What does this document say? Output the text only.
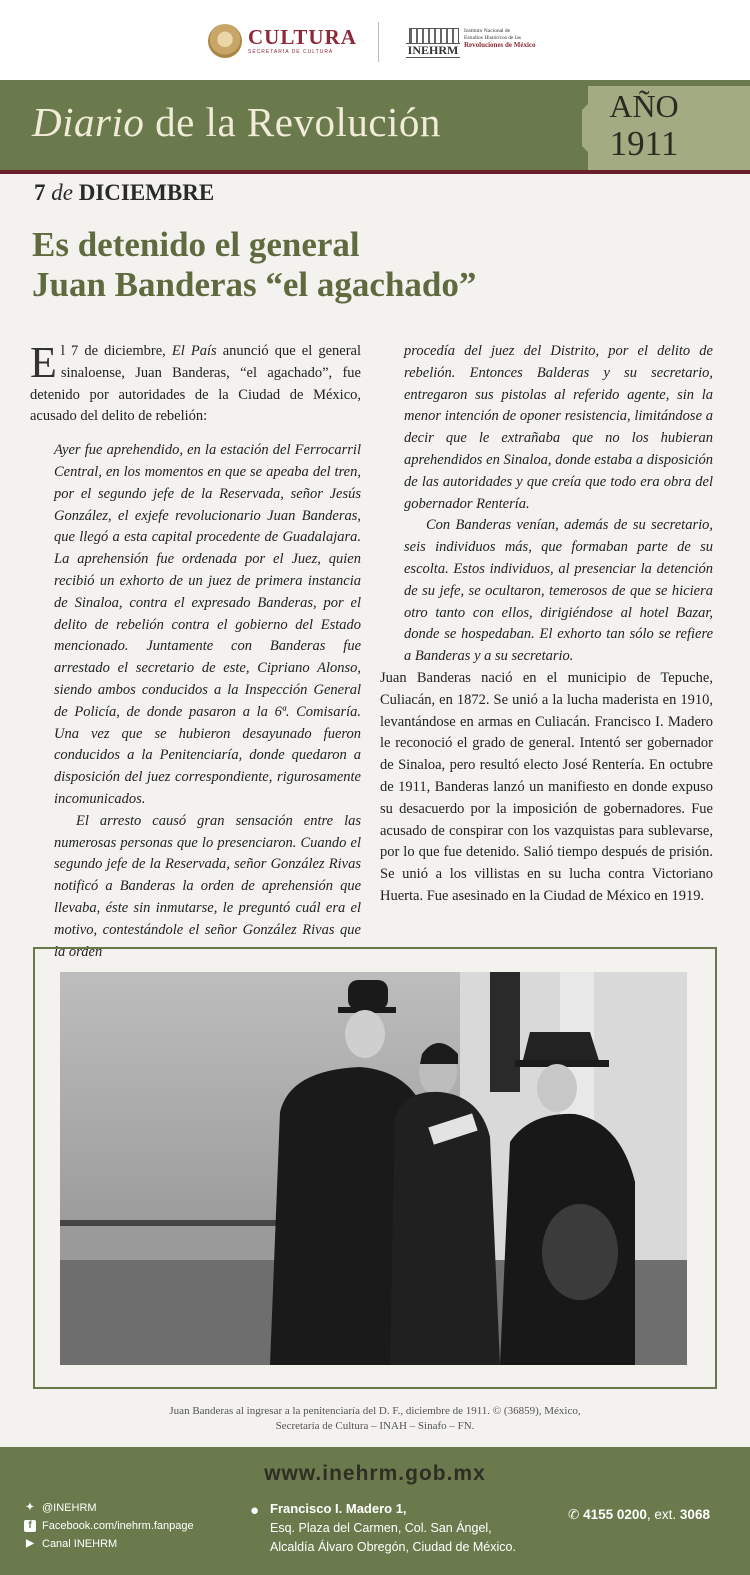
CULTURA
SECRETARÍA DE CULTURA	INEHRM
Instituto Nacional de
Estudios Históricos de las
Revoluciones de México
Diario de la Revolución	AÑO
1911
7 de DICIEMBRE
Es detenido el general
Juan Banderas “el agachado”

El 7 de diciembre, El País anunció que el general sinaloense, Juan Banderas, “el agachado”, fue detenido por autoridades de la Ciudad de México, acusado del delito de rebelión:

Ayer fue aprehendido, en la estación del Ferrocarril Central, en los momentos en que se apeaba del tren, por el segundo jefe de la Reservada, señor Jesús González, el exjefe revolucionario Juan Banderas, que llegó a esta capital procedente de Guadalajara. La aprehensión fue ordenada por el Juez, quien recibió un exhorto de un juez de primera instancia de Sinaloa, contra el expresado Banderas, por el delito de rebelión contra el gobierno del Estado mencionado. Juntamente con Banderas fue arrestado el secretario de este, Cipriano Alonso, siendo ambos conducidos a la Inspección General de Policía, de donde pasaron a la 6ª. Comisaría. Una vez que se hubieron desayunado fueron conducidos a la Penitenciaría, donde quedaron a disposición del juez correspondiente, rigurosamente incomunicados.

El arresto causó gran sensación entre las numerosas personas que lo presenciaron. Cuando el segundo jefe de la Reservada, señor González Rivas notificó a Banderas la orden de aprehensión que llevaba, éste sin inmutarse, le preguntó cuál era el motivo, contestándole el señor González Rivas que la orden

procedía del juez del Distrito, por el delito de rebelión. Entonces Balderas y su secretario, entregaron sus pistolas al referido agente, sin la menor intención de oponer resistencia, limitándose a decir que le extrañaba que no los hubieran aprehendidos en Sinaloa, donde estaba a disposición de las autoridades y que creía que todo era obra del gobernador Rentería.

Con Banderas venían, además de su secretario, seis individuos más, que formaban parte de su escolta. Estos individuos, al presenciar la detención de su jefe, se ocultaron, temerosos de que se hiciera otro tanto con ellos, dirigiéndose al hotel Bazar, donde se hospedaban. El exhorto tan sólo se refiere a Banderas y a su secretario.

Juan Banderas nació en el municipio de Tepuche, Culiacán, en 1872. Se unió a la lucha maderista en 1910, levantándose en armas en Culiacán. Francisco I. Madero le reconoció el grado de general. Intentó ser gobernador de Sinaloa, pero resultó electo José Rentería. En octubre de 1911, Banderas lanzó un manifiesto en donde expuso su desacuerdo por la imposición de gobernadores. Fue acusado de conspirar con los vazquistas para sublevarse, por lo que fue detenido. Salió tiempo después de prisión. Se unió a los villistas en su lucha contra Victoriano Huerta. Fue asesinado en la Ciudad de México en 1919.

Juan Banderas al ingresar a la penitenciaría del D. F., diciembre de 1911. © (36859), México,
Secretaría de Cultura – INAH – Sinafo – FN.
www.inehrm.gob.mx
✦ @INEHRM
f Facebook.com/inehrm.fanpage
▶ Canal INEHRM
● Francisco I. Madero 1,
Esq. Plaza del Carmen, Col. San Ángel,
Alcaldía Álvaro Obregón, Ciudad de México.
✆ 4155 0200, ext. 3068
